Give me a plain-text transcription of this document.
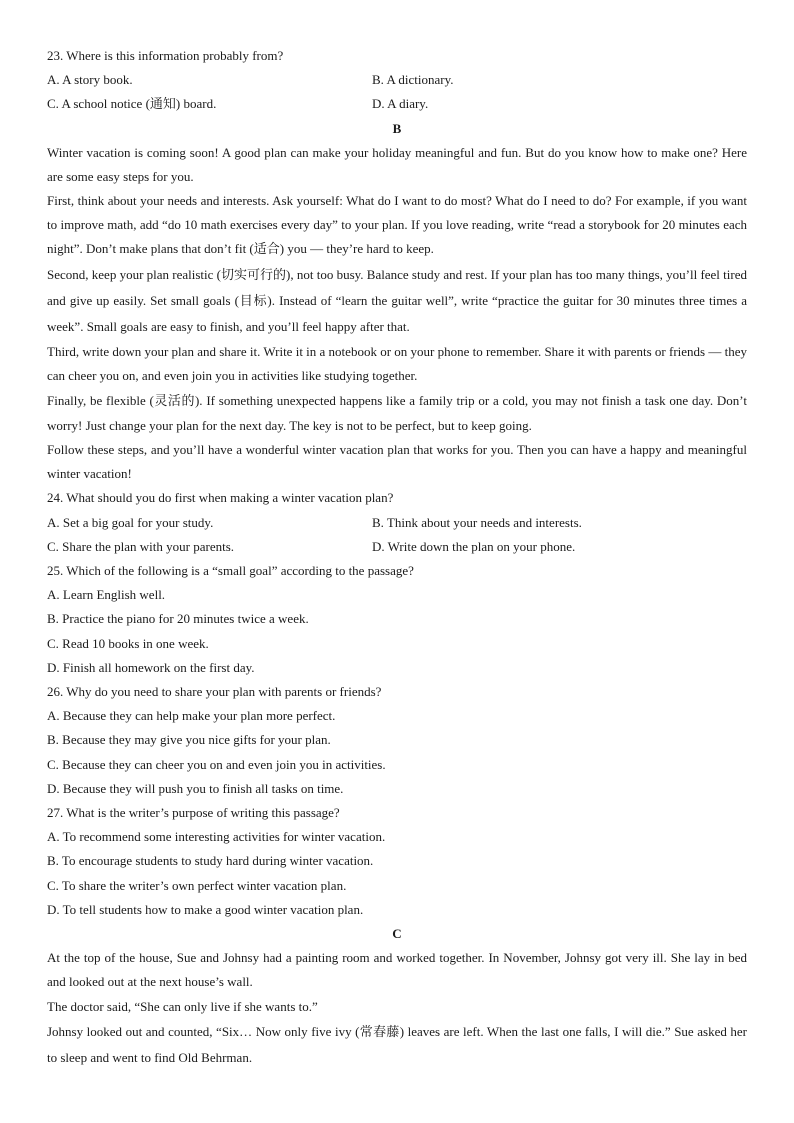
23. Where is this information probably from?

A. A story book.	B. A dictionary.
C. A school notice (通知) board.	D. A diary.

B

Winter vacation is coming soon! A good plan can make your holiday meaningful and fun. But do you know how to make one? Here are some easy steps for you.

First, think about your needs and interests. Ask yourself: What do I want to do most? What do I need to do? For example, if you want to improve math, add “do 10 math exercises every day” to your plan. If you love reading, write “read a storybook for 20 minutes each night”. Don’t make plans that don’t fit (适合) you — they’re hard to keep.

Second, keep your plan realistic (切实可行的), not too busy. Balance study and rest. If your plan has too many things, you’ll feel tired and give up easily. Set small goals (目标). Instead of “learn the guitar well”, write “practice the guitar for 30 minutes three times a week”. Small goals are easy to finish, and you’ll feel happy after that.

Third, write down your plan and share it. Write it in a notebook or on your phone to remember. Share it with parents or friends — they can cheer you on, and even join you in activities like studying together.

Finally, be flexible (灵活的). If something unexpected happens like a family trip or a cold, you may not finish a task one day. Don’t worry! Just change your plan for the next day. The key is not to be perfect, but to keep going.

Follow these steps, and you’ll have a wonderful winter vacation plan that works for you. Then you can have a happy and meaningful winter vacation!

24. What should you do first when making a winter vacation plan?

A. Set a big goal for your study.	B. Think about your needs and interests.
C. Share the plan with your parents.	D. Write down the plan on your phone.

25. Which of the following is a “small goal” according to the passage?

A. Learn English well.

B. Practice the piano for 20 minutes twice a week.

C. Read 10 books in one week.

D. Finish all homework on the first day.

26. Why do you need to share your plan with parents or friends?

A. Because they can help make your plan more perfect.

B. Because they may give you nice gifts for your plan.

C. Because they can cheer you on and even join you in activities.

D. Because they will push you to finish all tasks on time.

27. What is the writer’s purpose of writing this passage?

A. To recommend some interesting activities for winter vacation.

B. To encourage students to study hard during winter vacation.

C. To share the writer’s own perfect winter vacation plan.

D. To tell students how to make a good winter vacation plan.

C

At the top of the house, Sue and Johnsy had a painting room and worked together. In November, Johnsy got very ill. She lay in bed and looked out at the next house’s wall.

The doctor said, “She can only live if she wants to.”

Johnsy looked out and counted, “Six… Now only five ivy (常春藤) leaves are left. When the last one falls, I will die.” Sue asked her to sleep and went to find Old Behrman.
